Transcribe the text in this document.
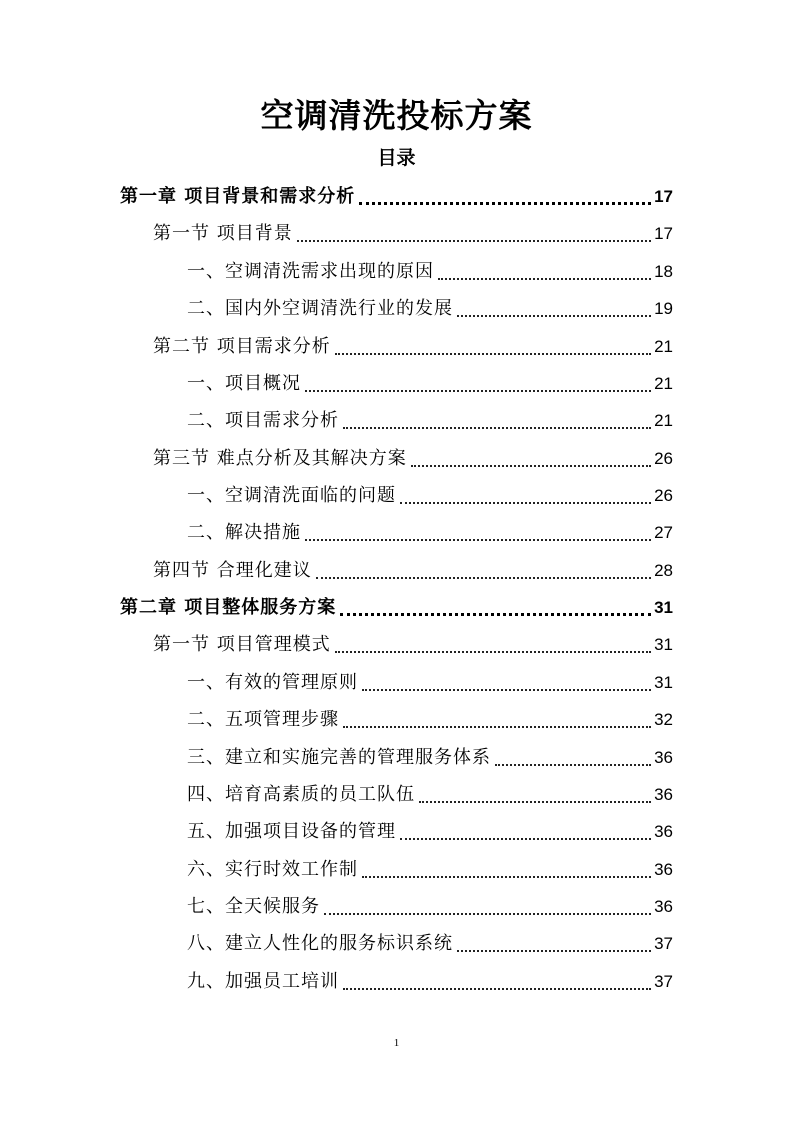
空调清洗投标方案
目录
第一章 项目背景和需求分析	17
第一节 项目背景	17
一、空调清洗需求出现的原因	18
二、国内外空调清洗行业的发展	19
第二节 项目需求分析	21
一、项目概况	21
二、项目需求分析	21
第三节 难点分析及其解决方案	26
一、空调清洗面临的问题	26
二、解决措施	27
第四节 合理化建议	28
第二章 项目整体服务方案	31
第一节 项目管理模式	31
一、有效的管理原则	31
二、五项管理步骤	32
三、建立和实施完善的管理服务体系	36
四、培育高素质的员工队伍	36
五、加强项目设备的管理	36
六、实行时效工作制	36
七、全天候服务	36
八、建立人性化的服务标识系统	37
九、加强员工培训	37
1
